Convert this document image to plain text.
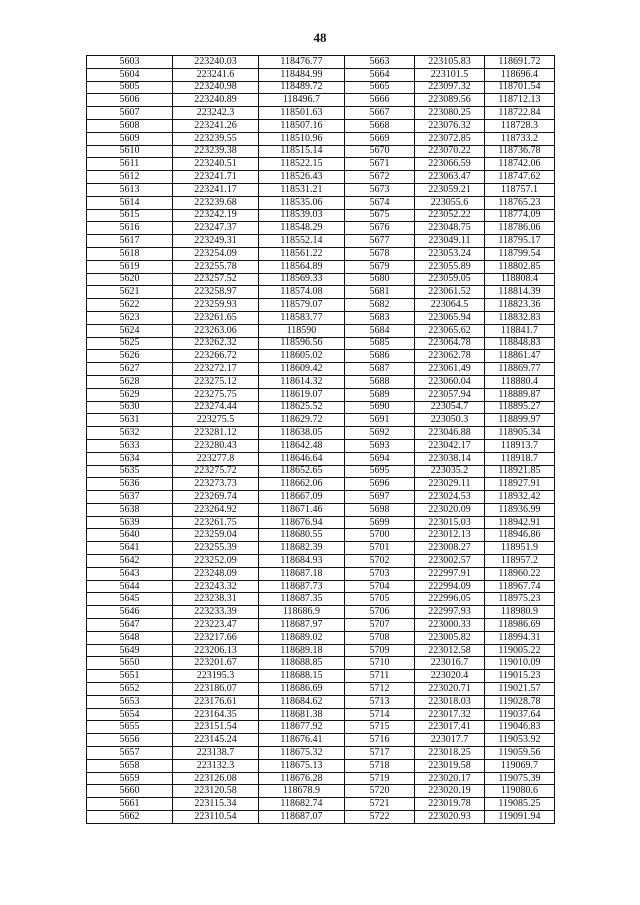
48
5603	223240.03	118476.77	5663	223105.83	118691.72
5604	223241.6	118484.99	5664	223101.5	118696.4
5605	223240.98	118489.72	5665	223097.32	118701.54
5606	223240.89	118496.7	5666	223089.56	118712.13
5607	223242.3	118501.63	5667	223080.25	118722.84
5608	223241.26	118507.16	5668	223076.32	118728.3
5609	223239.55	118510.96	5669	223072.85	118733.2
5610	223239.38	118515.14	5670	223070.22	118736.78
5611	223240.51	118522.15	5671	223066.59	118742.06
5612	223241.71	118526.43	5672	223063.47	118747.62
5613	223241.17	118531.21	5673	223059.21	118757.1
5614	223239.68	118535.06	5674	223055.6	118765.23
5615	223242.19	118539.03	5675	223052.22	118774.09
5616	223247.37	118548.29	5676	223048.75	118786.06
5617	223249.31	118552.14	5677	223049.11	118795.17
5618	223254.09	118561.22	5678	223053.24	118799.54
5619	223255.78	118564.89	5679	223055.89	118802.85
5620	223257.52	118569.33	5680	223059.05	118808.4
5621	223258.97	118574.08	5681	223061.52	118814.39
5622	223259.93	118579.07	5682	223064.5	118823.36
5623	223261.65	118583.77	5683	223065.94	118832.83
5624	223263.06	118590	5684	223065.62	118841.7
5625	223262.32	118596.56	5685	223064.78	118848.83
5626	223266.72	118605.02	5686	223062.78	118861.47
5627	223272.17	118609.42	5687	223061.49	118869.77
5628	223275.12	118614.32	5688	223060.04	118880.4
5629	223275.75	118619.07	5689	223057.94	118889.87
5630	223274.44	118625.52	5690	223054.7	118895.27
5631	223275.5	118629.72	5691	223050.3	118899.97
5632	223281.12	118638.05	5692	223046.88	118905.34
5633	223280.43	118642.48	5693	223042.17	118913.7
5634	223277.8	118646.64	5694	223038.14	118918.7
5635	223275.72	118652.65	5695	223035.2	118921.85
5636	223273.73	118662.06	5696	223029.11	118927.91
5637	223269.74	118667.09	5697	223024.53	118932.42
5638	223264.92	118671.46	5698	223020.09	118936.99
5639	223261.75	118676.94	5699	223015.03	118942.91
5640	223259.04	118680.55	5700	223012.13	118946.86
5641	223255.39	118682.39	5701	223008.27	118951.9
5642	223252.09	118684.93	5702	223002.57	118957.2
5643	223248.09	118687.18	5703	222997.91	118960.22
5644	223243.32	118687.73	5704	222994.09	118967.74
5645	223238.31	118687.35	5705	222996.05	118975.23
5646	223233.39	118686.9	5706	222997.93	118980.9
5647	223223.47	118687.97	5707	223000.33	118986.69
5648	223217.66	118689.02	5708	223005.82	118994.31
5649	223206.13	118689.18	5709	223012.58	119005.22
5650	223201.67	118688.85	5710	223016.7	119010.09
5651	223195.3	118688.15	5711	223020.4	119015.23
5652	223186.07	118686.69	5712	223020.71	119021.57
5653	223176.61	118684.62	5713	223018.03	119028.78
5654	223164.35	118681.38	5714	223017.32	119037.64
5655	223151.54	118677.92	5715	223017.41	119046.83
5656	223145.24	118676.41	5716	223017.7	119053.92
5657	223138.7	118675.32	5717	223018.25	119059.56
5658	223132.3	118675.13	5718	223019.58	119069.7
5659	223126.08	118676.28	5719	223020.17	119075.39
5660	223120.58	118678.9	5720	223020.19	119080.6
5661	223115.34	118682.74	5721	223019.78	119085.25
5662	223110.54	118687.07	5722	223020.93	119091.94
